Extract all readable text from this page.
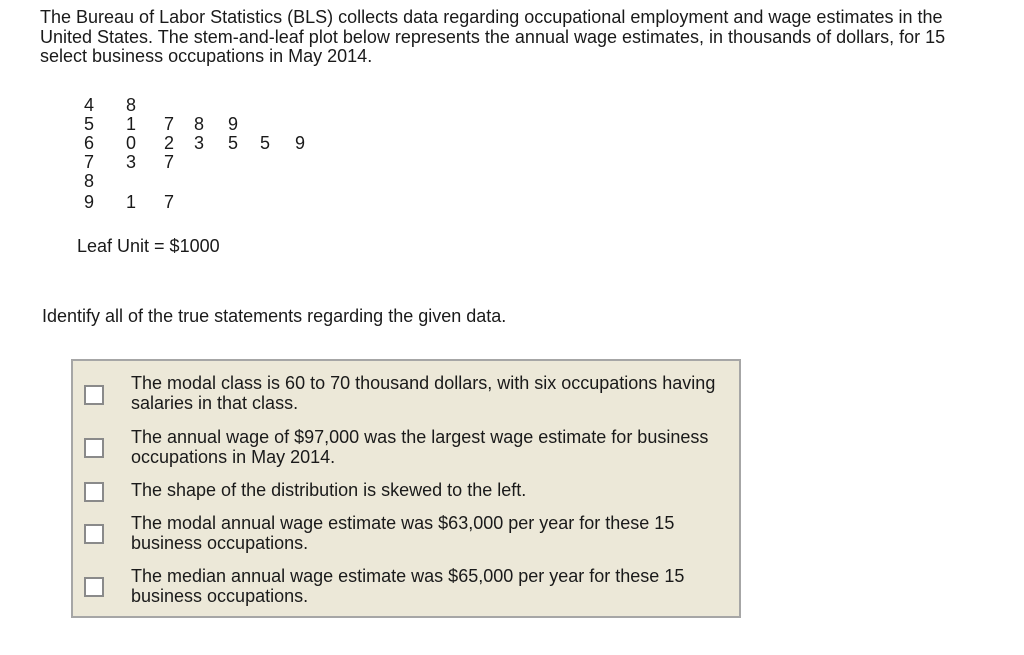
The Bureau of Labor Statistics (BLS) collects data regarding occupational employment and wage estimates in the United States. The stem-and-leaf plot below represents the annual wage estimates, in thousands of dollars, for 15 select business occupations in May 2014.
4 8
5 1 7 8 9
6 0 2 3 5 5 9
7 3 7
8
9 1 7
Leaf Unit = $1000
Identify all of the true statements regarding the given data.
The modal class is 60 to 70 thousand dollars, with six occupations having salaries in that class.
The annual wage of $97,000 was the largest wage estimate for business occupations in May 2014.
The shape of the distribution is skewed to the left.
The modal annual wage estimate was $63,000 per year for these 15 business occupations.
The median annual wage estimate was $65,000 per year for these 15 business occupations.
